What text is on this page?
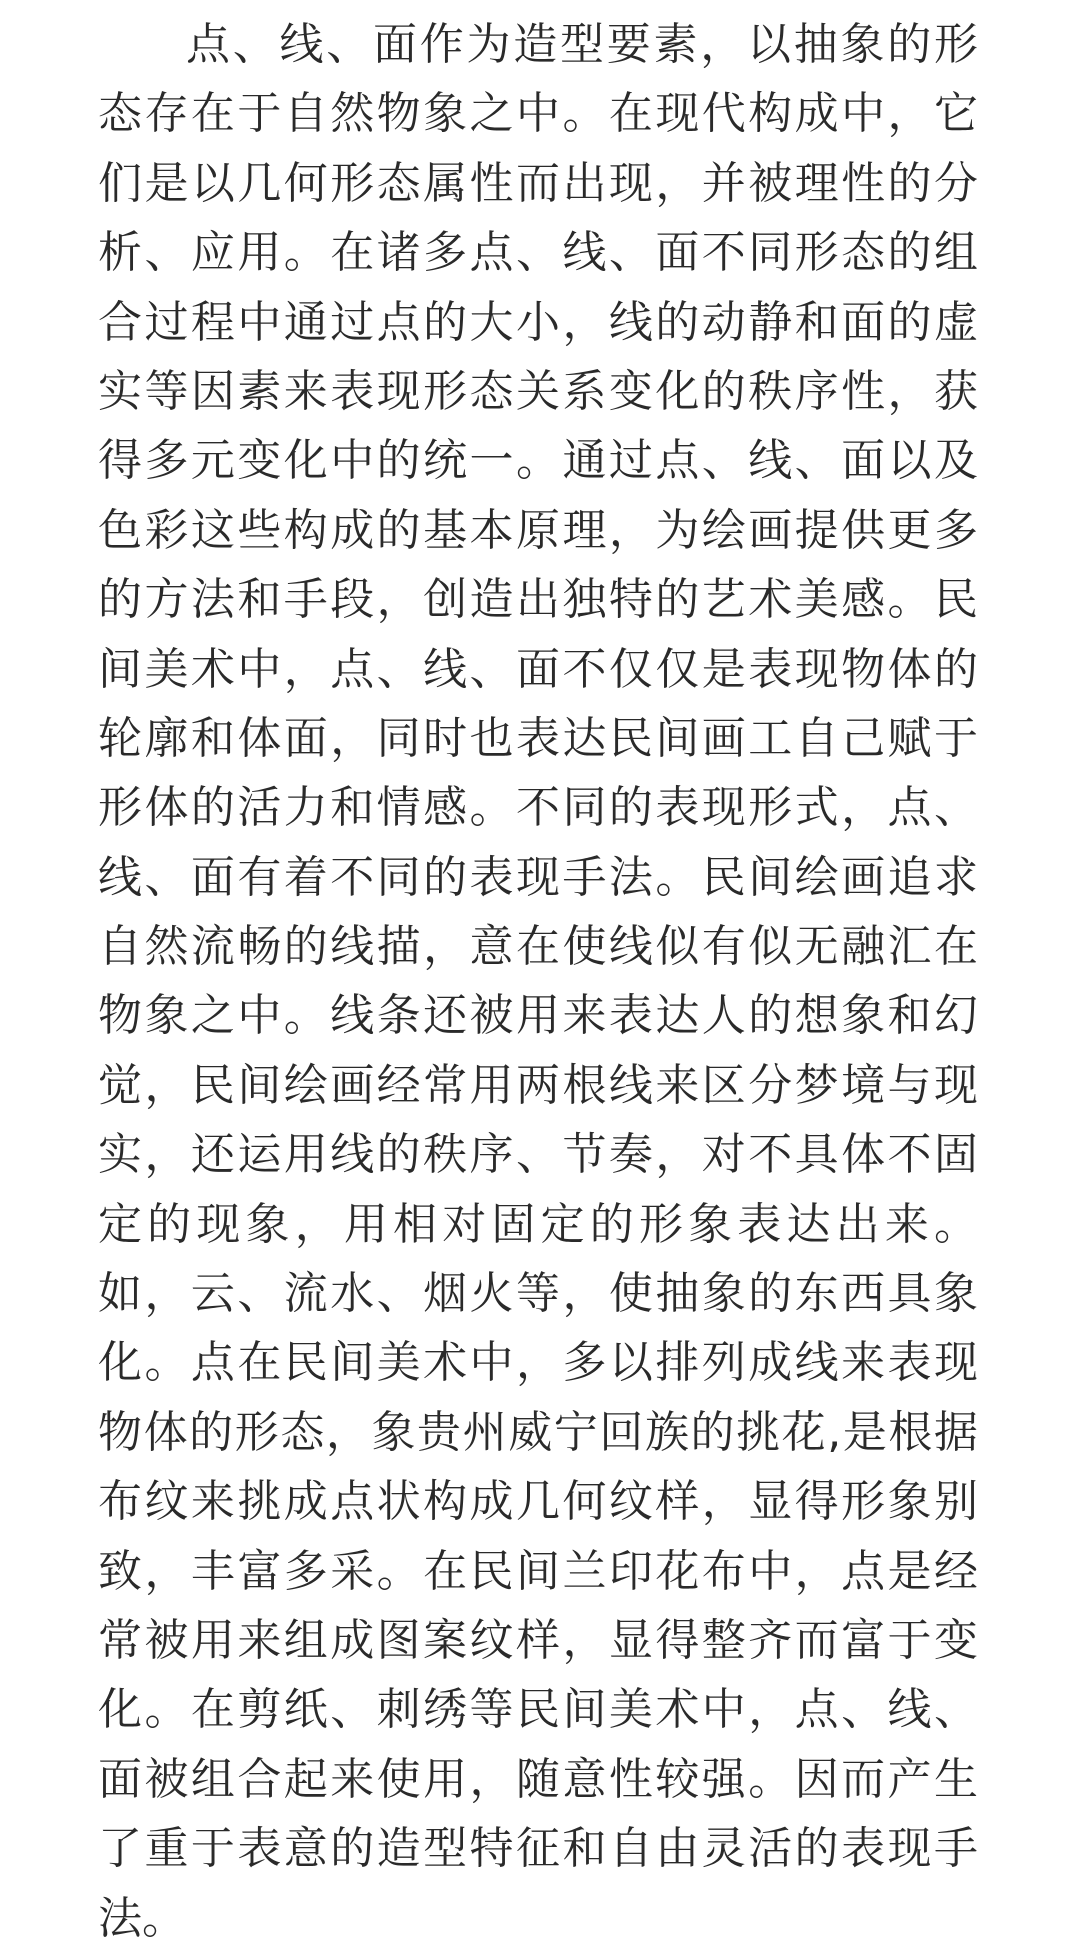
点、线、面作为造型要素，以抽象的形
态存在于自然物象之中。在现代构成中，它
们是以几何形态属性而出现，并被理性的分
析、应用。在诸多点、线、面不同形态的组
合过程中通过点的大小，线的动静和面的虚
实等因素来表现形态关系变化的秩序性，获
得多元变化中的统一。通过点、线、面以及
色彩这些构成的基本原理，为绘画提供更多
的方法和手段，创造出独特的艺术美感。民
间美术中，点、线、面不仅仅是表现物体的
轮廓和体面，同时也表达民间画工自己赋于
形体的活力和情感。不同的表现形式，点、
线、面有着不同的表现手法。民间绘画追求
自然流畅的线描，意在使线似有似无融汇在
物象之中。线条还被用来表达人的想象和幻
觉，民间绘画经常用两根线来区分梦境与现
实，还运用线的秩序、节奏，对不具体不固
定的现象，用相对固定的形象表达出来。
如，云、流水、烟火等，使抽象的东西具象
化。点在民间美术中，多以排列成线来表现
物体的形态，象贵州威宁回族的挑花,是根据
布纹来挑成点状构成几何纹样，显得形象别
致，丰富多采。在民间兰印花布中，点是经
常被用来组成图案纹样，显得整齐而富于变
化。在剪纸、刺绣等民间美术中，点、线、
面被组合起来使用，随意性较强。因而产生
了重于表意的造型特征和自由灵活的表现手
法。
